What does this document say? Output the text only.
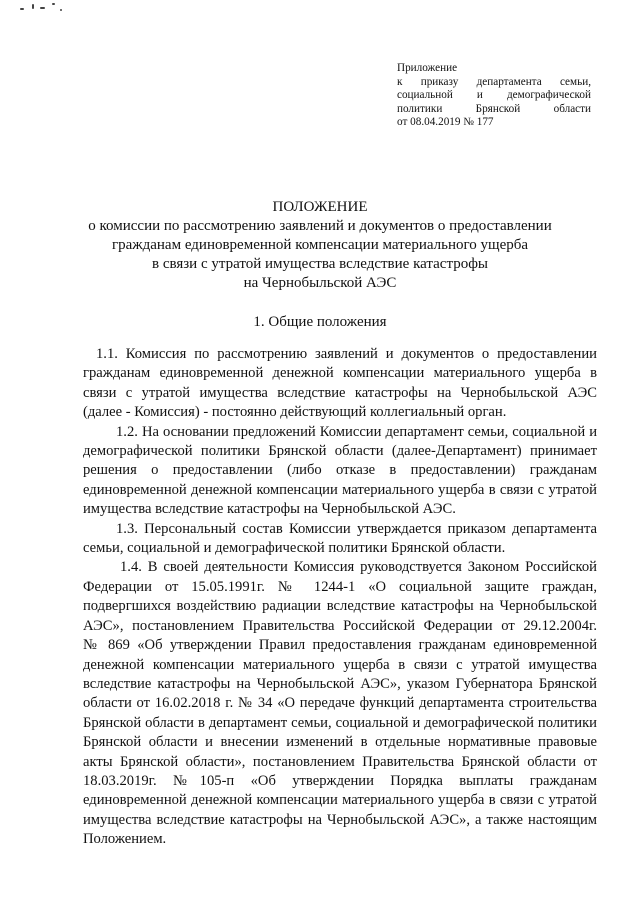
Приложение
к приказу департамента семьи,
социальной и демографической
политики Брянской области
от 08.04.2019 № 177
ПОЛОЖЕНИЕ
о комиссии по рассмотрению заявлений и документов о предоставлении
гражданам единовременной компенсации материального ущерба
в связи с утратой имущества вследствие катастрофы
на Чернобыльской АЭС
1. Общие положения
1.1. Комиссия по рассмотрению заявлений и документов о предоставлении
гражданам единовременной денежной компенсации материального ущерба в
связи с утратой имущества вследствие катастрофы на Чернобыльской АЭС
(далее - Комиссия) - постоянно действующий коллегиальный орган.
1.2. На основании предложений Комиссии департамент семьи, социальной и
демографической политики Брянской области (далее-Департамент) принимает
решения о предоставлении (либо отказе в предоставлении) гражданам
единовременной денежной компенсации материального ущерба в связи с утратой
имущества вследствие катастрофы на Чернобыльской АЭС.
1.3. Персональный состав Комиссии утверждается приказом департамента
семьи, социальной и демографической политики Брянской области.
1.4. В своей деятельности Комиссия руководствуется Законом Российской
Федерации от 15.05.1991г. № 1244-1 «О социальной защите граждан,
подвергшихся воздействию радиации вследствие катастрофы на Чернобыльской
АЭС», постановлением Правительства Российской Федерации от 29.12.2004г.
№ 869 «Об утверждении Правил предоставления гражданам единовременной
денежной компенсации материального ущерба в связи с утратой имущества
вследствие катастрофы на Чернобыльской АЭС», указом Губернатора Брянской
области от 16.02.2018 г. № 34 «О передаче функций департамента строительства
Брянской области в департамент семьи, социальной и демографической политики
Брянской области и внесении изменений в отдельные нормативные правовые
акты Брянской области», постановлением Правительства Брянской области от
18.03.2019г. №105-п «Об утверждении Порядка выплаты гражданам
единовременной денежной компенсации материального ущерба в связи с утратой
имущества вследствие катастрофы на Чернобыльской АЭС», а также настоящим
Положением.
